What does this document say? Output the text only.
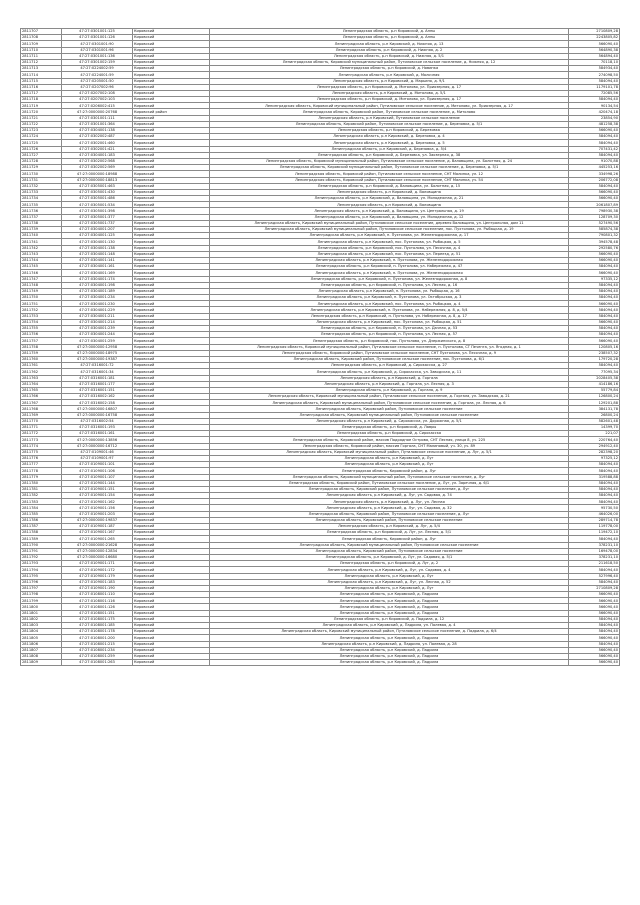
2811707	47:27:0301001:125	Кировский	Ленинградская область, р-н Кировский, д. Анны	2710809,28
2811708	47:27:0301001:126	Кировский	Ленинградская область, р-н Кировский, д. Анны	2243805,82
2811709	47:27:0301001:90	Кировский	Ленинградская область, р-н Кировский, д. Нижняя, д. 13	566090,40
2811710	47:27:0301001:96	Кировский	Ленинградская область, р-н Кировский, д. Нижняя, д. 2	564890,38
2811711	47:27:0301001:136	Кировский	Ленинградская область, р-н Кировский, д. Нижняя, д. 5/1	564894,40
2811712	47:27:0301002:159	Кировский	Ленинградская область, Кировский муниципальный район, Путиловское сельское поселение, д. Нижняя, д. 12	70118,10
2811713	47:27:0224002:59	Кировский	Ленинградская область, р-н Кировский, д. Новинка	584934,40
2811714	47:27:0224001:59	Кировский	Ленинградская область, р-н Кировский, д. Молочная	274098,50
2811715	47:27:0205001:50	Кировский	Ленинградская область, р-н Кировский, д. Марьино, д. 9/1	584094,40
2811716	47:27:0207002:96	Кировский	Ленинградская область, р-н Кировский, д. Митолово, ул. Приозерная, д. 17	1179101,78
2811717	47:27:0207002:108	Кировский	Ленинградская область, р-н Кировский, д. Митолово, д. 5/1	72085,56
2811718	47:27:0207002:103	Кировский	Ленинградская область, р-н Кировский, д. Митолово, ул. Приозерная, д. 17	584094,40
2811719	47:27:0206002:415	Кировский	Ленинградская область, Кировский муниципальный район, Путиловское сельское поселение, д. Митолово, ул. Приозерная, д. 17	90134,54
2811720	47:27:0000000:20768	Кировский район	Ленинградская область, Кировский район, Путиловское сельское поселение, д. Митолово	420474,18
2811721	47:27:0301001:111	Кировский	Ленинградская область, р-н Кировский, Путиловское сельское поселение	23854,90
2811722	47:27:0301001:364	Кировский	Ленинградская область, Кировский район, Путиловское сельское поселение, д. Березовка, д. 5/1	481258,38
2811723	47:27:0304001:138	Кировский	Ленинградская область, р-н Кировский, д. Березовка	566090,40
2811724	47:27:0302002:487	Кировский	Ленинградская область, р-н Кировский, д. Березовка, д. 4	584094,40
2811725	47:27:0302001:460	Кировский	Ленинградская область, р-н Кировский, д. Березовка, д. 5	584094,40
2811726	47:27:0302001:421	Кировский	Ленинградская область, р-н Кировский, д. Березовка, д. 5/4	707431,42
2811727	47:27:0304001:183	Кировский	Ленинградская область, р-н Кировский, д. Березовка, ул. Заозерная, д. 38	584094,40
2811728	47:27:0302002:568	Кировский	Ленинградская область, Кировский муниципальный район, Путиловское сельское поселение, д. Валовщина, ул. Болотная, д. 24	91070,88
2811729	47:27:0302002:569	Кировский	Ленинградская область, Кировский муниципальный район, Путиловское сельское поселение, д. Березовка, д. 5/1	445253,16
2811730	47:27:0000000:18988	Кировский	Ленинградская область, Кировский район, Путиловское сельское поселение, СНТ Малинка, ул. 12	334998,26
2811731	47:27:0000000:18813	Кировский	Ленинградская область, Кировский район, Путиловское сельское поселение, СНТ Малинка, уч. 54	206772,08
2811732	47:27:0305001:463	Кировский	Ленинградская область, р-н Кировский, д. Валовщина, ул. Болотная, д. 15	584094,40
2811733	47:27:0305001:430	Кировский	Ленинградская область, р-н Кировский, д. Валовщина	566090,40
2811734	47:27:0305001:486	Кировский	Ленинградская область, р-н Кировский, д. Валовщина, ул. Молодежная, д. 21	566090,40
2811735	47:27:0305001:534	Кировский	Ленинградская область, р-н Кировский, д. Валовщина	2061807,89
2811736	47:27:0305001:398	Кировский	Ленинградская область, р-н Кировский, д. Валовщина, ул. Центральная, д. 19	798930,38
2811737	47:27:0305001:377	Кировский	Ленинградская область, р-н Кировский, д. Валовщина, ул. Молодежная, д. 12	128709,30
2811738	47:27:0305001:737	Кировский	Ленинградская область, Кировский муниципальный район, Путиловское сельское поселение, деревня Валовщина, ул. Центральная, дом 11	527490,56
2811739	47:27:0304001:207	Кировский	Ленинградская область, Кировский муниципальный район, Путиловское сельское поселение, пос. Пухтолова, ул. Рыбацкая, д. 19	585874,38
2811740	47:27:0304001:125	Кировский	Ленинградская область, р-н Кировский, п. Пухтолова, ул. Железнодорожная, д. 17	790801,32
2811741	47:27:0304001:130	Кировский	Ленинградская область, р-н Кировский, пос. Пухтолова, ул. Рыбацкая, д. 5	394578,48
2811742	47:27:0304001:138	Кировский	Ленинградская область, р-н Кировский, пос. Пухтолова, ул. Песочная, д. 4	292580,76
2811743	47:27:0304001:148	Кировский	Ленинградская область, р-н Кировский, пос. Пухтолова, ул. Переезд, д. 51	566090,40
2811744	47:27:0304001:141	Кировский	Ленинградская область, р-н Кировский, п. Пухтолова, ул. Железнодорожная	566090,40
2811745	47:27:0304001:161	Кировский	Ленинградская область, р-н Кировский, п. Пухтолова, ул. Набережная, д. 47	584094,40
2811746	47:27:0304001:169	Кировский	Ленинградская область, р-н Кировский, п. Пухтолова, ул. Железнодорожная	566090,40
2811747	47:27:0304001:174	Кировский	Ленинградская область, р-н Кировский, п. Пухтолова, ул. Железнодорожная, д. 8	97335,12
2811748	47:27:0304001:198	Кировский	Ленинградская область, р-н Кировский, п. Пухтолова, ул. Лесная, д. 16	584094,40
2811749	47:27:0304001:189	Кировский	Ленинградская область, р-н Кировский, п. Пухтолова, ул. Рыбацкая, д. 16	584094,40
2811750	47:27:0304001:234	Кировский	Ленинградская область, р-н Кировский, п. Пухтолова, ул. Октябрьская, д. 3	584094,40
2811751	47:27:0304001:230	Кировский	Ленинградская область, р-н Кировский, пос. Пухтолова, ул. Рыбацкая, д. 4	566090,40
2811752	47:27:0304001:229	Кировский	Ленинградская область, р-н Кировский, п. Пухтолова, ул. Набережная, д. 8, д. 5/4	584094,40
2811753	47:27:0304001:211	Кировский	Ленинградская область, р-н Кировский, п. Пухтолова, ул. Набережная, д. 8, д. 17	584094,40
2811754	47:27:0304001:214	Кировский	Ленинградская область, р-н Кировский, пос. Пухтолова, ул. Рыбацкая, д. 51	566090,40
2811755	47:27:0304001:239	Кировский	Ленинградская область, р-н Кировский, п. Пухтолова, ул. Дачная, д. 53	584094,40
2811756	47:27:0304001:244	Кировский	Ленинградская область, р-н Кировский, п. Пухтолова, ул. Лесная, д. 57	584094,40
2811757	47:27:0304001:259	Кировский	Ленинградская область, р-н Кировский, пос. Пухтолова, ул. Дзержинского, д. 8	566090,40
2811758	47:27:0000000:12958	Кировский	Ленинградская область, Кировский муниципальный район, Путиловское сельское поселение, п. Пухтолова, СТ Печенга, ул. Ягодная, д. 1	120805,16
2811759	47:27:0000000:18975	Кировский	Ленинградская область, Кировский район, Путиловское сельское поселение, СНТ Пухтолова, ул. Песочная, д. 9	238507,32
2811760	47:27:0000000:19387	Кировский	Ленинградская область, Кировский район, Путиловское сельское поселение, пос. Пухтолова, д. 6/1	179720,28
2811761	47:27:0316001:72	Кировский	Ленинградская область, р-н Кировский, д. Сирокасска, д. 27	584094,40
2811762	47:27:0316001:34	Кировский	Ленинградская область, р-н Кировский, д. Сирокасска, ул. Заводская, д. 11	77095,34
2811763	47:27:0316001:181	Кировский	Ленинградская область, р-н Кировский, д. Горгала	2028405,38
2811764	47:27:0316001:177	Кировский	Ленинградская область, р-н Кировский, д. Горгала, ул. Лесная, д. 3	414186,16
2811765	47:27:0316001:151	Кировский	Ленинградская область, р-н Кировский, д. Горгала, д. 9	55779,84
2811766	47:27:0316002:162	Кировский	Ленинградская область, Кировский муниципальный район, Путиловское сельское поселение, д. Горгала, ул. Заводская, д. 21	126800,24
2811767	47:27:0316002:158	Кировский	Ленинградская область, Кировский муниципальный район, Путиловское сельское поселение, д. Горгала, ул. Лесная, д. 6	129201,88
2811768	47:27:0000000:16807	Кировский	Ленинградская область, Кировский район, Путиловское сельское поселение	384131,78
2811769	47:27:0000000:16758	Кировский	Ленинградская область, Кировский муниципальный район, Путиловское сельское поселение	26800,24
2811770	47:27:0316002:54	Кировский	Ленинградская область, р-н Кировский, д. Сирокасска, ул. Дорожная, д. 5/1	582601,48
2811771	47:27:0316001:193	Кировский	Ленинградская область, р-н Кировский, д. Лавры	14399,70
2811772	47:27:0316001:161	Кировский	Ленинградская область, р-н Кировский, д. Сирокасска	221,07
2811773	47:27:0000000:13856	Кировский	Ленинградская область, Кировский район, массив Подрядное Острова, СНТ Лесная, улица 8, уч. 225	220764,40
2811774	47:27:0000000:16712	Кировский	Ленинградская область, Кировский район, массив Горгала, СНТ Малиновый, уч. 30, уч. 89	294912,40
2811775	47:27:0109001:46	Кировский	Ленинградская область, Кировский муниципальный район, Путиловское сельское поселение, д. Луг, д. 5/1	282398,20
2811776	47:27:0109001:97	Кировский	Ленинградская область, р-н Кировский, д. Луг	97325,12
2811777	47:27:0109001:101	Кировский	Ленинградская область, р-н Кировский, д. Луг	584094,40
2811778	47:27:0109001:106	Кировский	Ленинградская область, Кировский район, д. Луг	584094,40
2811779	47:27:0109001:107	Кировский	Ленинградская область, Кировский муниципальный район, Путиловское сельское поселение, д. Луг	319588,88
2811780	47:27:0109001:144	Кировский	Ленинградская область, Кировский район, Путиловское сельское поселение, д. Луг, ул. Заречная, д. 6/1	584094,40
2811781	47:27:0109001:151	Кировский	Ленинградская область, Кировский район, Путиловское сельское поселение, д. Луг	584094,40
2811782	47:27:0109001:154	Кировский	Ленинградская область, р-н Кировский, д. Луг, ул. Садовая, д. 74	584094,40
2811783	47:27:0109001:162	Кировский	Ленинградская область, р-н Кировский, д. Луг, ул. Лесная	584094,40
2811784	47:27:0109001:156	Кировский	Ленинградская область, р-н Кировский, д. Луг, ул. Садовая, д. 32	95730,50
2811785	47:27:0109001:203	Кировский	Ленинградская область, Кировский район, Путиловское сельское поселение, д. Луг	464026,00
2811786	47:27:0000000:19837	Кировский	Ленинградская область, Кировский район, Путиловское сельское поселение	289714,78
2811787	47:27:0109001:187	Кировский	Ленинградская область, р-н Кировский, д. Луг, д. 5/4	119778,00
2811788	47:27:0109001:167	Кировский	Ленинградская область, р-н Кировский, д. Луг, ул. Лесная, д. 5/1	119472,10
2811789	47:27:0109001:265	Кировский	Ленинградская область, Кировский район, д. Луг	584094,40
2811790	47:27:0000000:21628	Кировский	Ленинградская область, Кировский муниципальный район, Путиловское сельское поселение	378231,10
2811791	47:27:0000000:12834	Кировский	Ленинградская область, Кировский район, Путиловское сельское поселение	169478,00
2811792	47:27:0000000:16680	Кировский	Ленинградская область, р-н Кировский, д. Луг, ул. Садовая, д. 5/1	378231,10
2811793	47:27:0109001:171	Кировский	Ленинградская область, р-н Кировский, д. Луг, д. 2	211618,50
2811794	47:27:0109001:172	Кировский	Ленинградская область, р-н Кировский, д. Луг, ул. Садовая, д. 4	584094,40
2811795	47:27:0109001:179	Кировский	Ленинградская область, р-н Кировский, д. Луг	527996,40
2811796	47:27:0109001:183	Кировский	Ленинградская область, р-н Кировский, д. Луг, ул. Лесная, д. 52	584094,40
2811797	47:27:0109001:190	Кировский	Ленинградская область, р-н Кировский, д. Луг	2710809,28
2811798	47:27:0108001:110	Кировский	Ленинградская область, р-н Кировский, д. Падрила	566090,40
2811799	47:27:0108001:116	Кировский	Ленинградская область, р-н Кировский, д. Падрила	566090,40
2811800	47:27:0108001:126	Кировский	Ленинградская область, р-н Кировский, д. Падрила	566090,40
2811801	47:27:0108001:151	Кировский	Ленинградская область, р-н Кировский, д. Падрила	566090,40
2811802	47:27:0108001:175	Кировский	Ленинградская область, р-н Кировский, д. Падрила, д. 12	584094,40
2811803	47:27:0108001:185	Кировский	Ленинградская область, р-н Кировский, д. Падрила, ул. Полевая, д. 4	584094,40
2811804	47:27:0108001:178	Кировский	Ленинградская область, Кировский муниципальный район, Путиловское сельское поселение, д. Падрила, д. 6/4	584094,40
2811805	47:27:0108001:200	Кировский	Ленинградская область, р-н Кировский, д. Падрила	566090,40
2811806	47:27:0108001:215	Кировский	Ленинградская область, р-н Кировский, д. Падрила, ул. Полевая, д. 28	584094,40
2811807	47:27:0108001:234	Кировский	Ленинградская область, р-н Кировский, д. Падрила	566090,40
2811808	47:27:0108001:259	Кировский	Ленинградская область, р-н Кировский, д. Падрила	566090,40
2811809	47:27:0108001:263	Кировский	Ленинградская область, р-н Кировский, д. Падрила	566090,40
